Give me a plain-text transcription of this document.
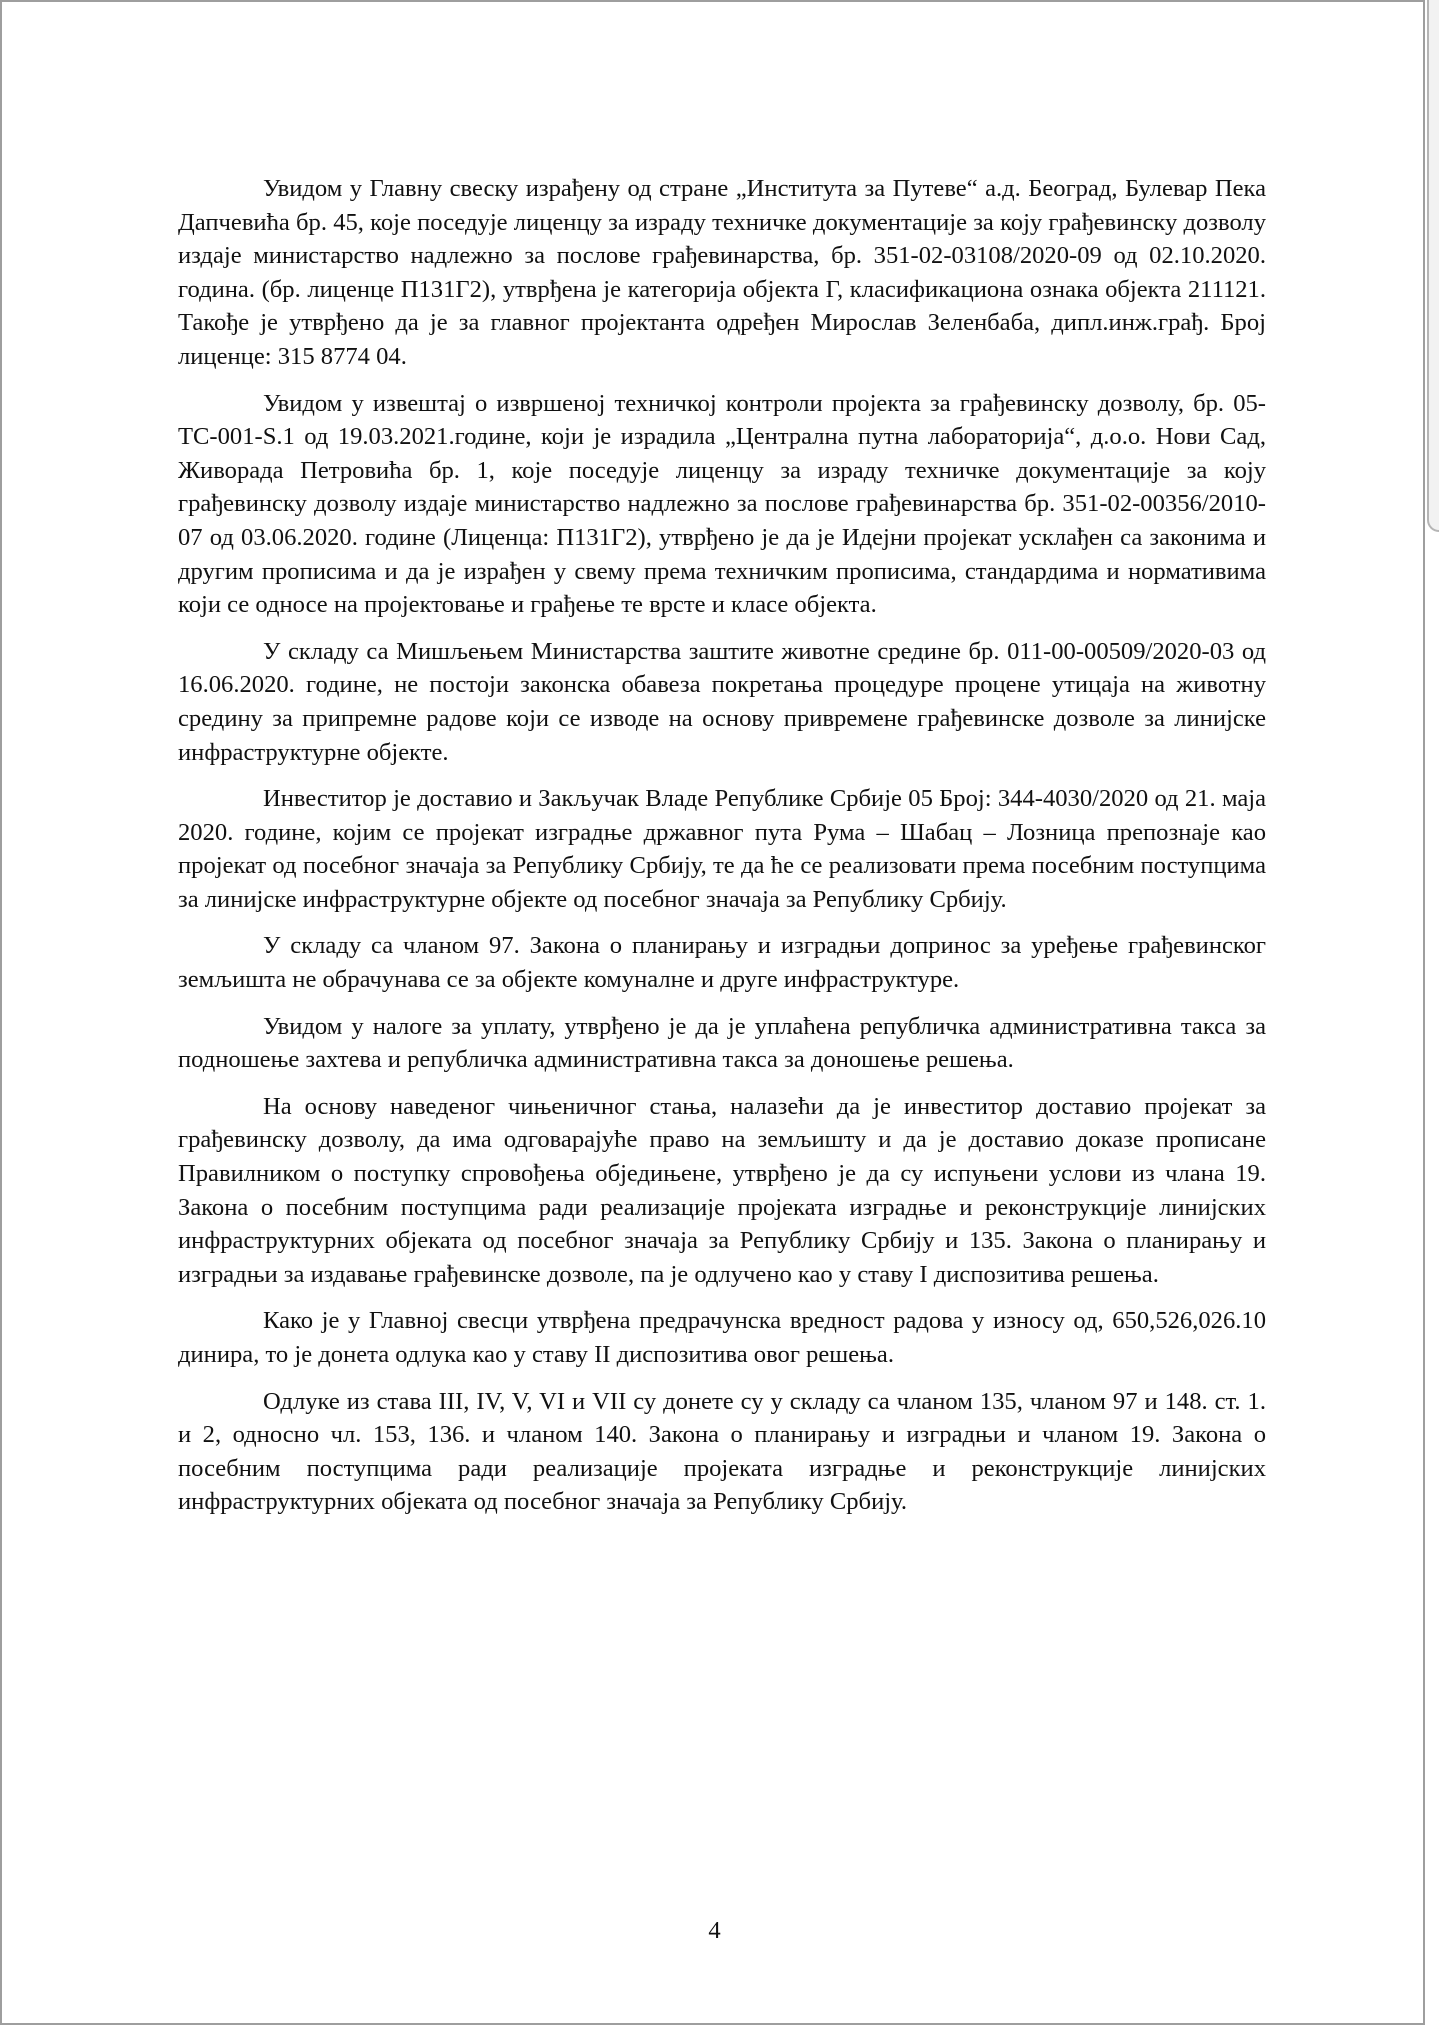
Увидом у Главну свеску израђену од стране „Института за Путеве“ а.д. Београд, Булевар Пека Дапчевића бр. 45, које поседује лиценцу за израду техничке документације за коју грађевинску дозволу издаје министарство надлежно за послове грађевинарства, бр. 351-02-03108/2020-09 од 02.10.2020. година. (бр. лиценце П131Г2), утврђена је категорија објекта Г, класификациона ознака објекта 211121. Такође је утврђено да је за главног пројектанта одређен Мирослав Зеленбаба, дипл.инж.грађ. Број лиценце: 315 8774 04.

Увидом у извештај о извршеној техничкој контроли пројекта за грађевинску дозволу, бр. 05-ТС-001-S.1 од 19.03.2021.године, који је израдила „Централна путна лабораторија“, д.о.о. Нови Сад, Живорада Петровића бр. 1, које поседује лиценцу за израду техничке документације за коју грађевинску дозволу издаје министарство надлежно за послове грађевинарства бр. 351-02-00356/2010-07 од 03.06.2020. године (Лиценца: П131Г2), утврђено је да је Идејни пројекат усклађен са законима и другим прописима и да је израђен у свему према техничким прописима, стандардима и нормативима који се односе на пројектовање и грађење те врсте и класе објекта.

У складу са Мишљењем Министарства заштите животне средине бр. 011-00-00509/2020-03 од 16.06.2020. године, не постоји законска обавеза покретања процедуре процене утицаја на животну средину за припремне радове који се изводе на основу привремене грађевинске дозволе за линијске инфраструктурне објекте.

Инвеститор је доставио и Закључак Владе Републике Србије 05 Број: 344-4030/2020 од 21. маја 2020. године, којим се пројекат изградње државног пута Рума – Шабац – Лозница препознаје као пројекат од посебног значаја за Републику Србију, те да ће се реализовати према посебним поступцима за линијске инфраструктурне објекте од посебног значаја за Републику Србију.

У складу са чланом 97. Закона о планирању и изградњи допринос за уређење грађевинског земљишта не обрачунава се за објекте комуналне и друге инфраструктуре.

Увидом у налоге за уплату, утврђено је да је уплаћена републичка административна такса за подношење захтева и републичка административна такса за доношење решења.

На основу наведеног чињеничног стања, налазећи да је инвеститор доставио пројекат за грађевинску дозволу, да има одговарајуће право на земљишту и да је доставио доказе прописане Правилником о поступку спровођења обједињене, утврђено је да су испуњени услови из члана 19. Закона о посебним поступцима ради реализације пројеката изградње и реконструкције линијских инфраструктурних објеката од посебног значаја за Републику Србију и 135. Закона о планирању и изградњи за издавање грађевинске дозволе, па је одлучено као у ставу I диспозитива решења.

Како је у Главној свесци утврђена предрачунска вредност радова у износу од, 650,526,026.10 динира, то је донета одлука као у ставу II диспозитива овог решења.

Одлуке из става III, IV, V, VI и VII су донете су у складу са чланом 135, чланом 97 и 148. ст. 1. и 2, односно чл. 153, 136. и чланом 140. Закона о планирању и изградњи и чланом 19. Закона о посебним поступцима ради реализације пројеката изградње и реконструкције линијских инфраструктурних објеката од посебног значаја за Републику Србију.

4
